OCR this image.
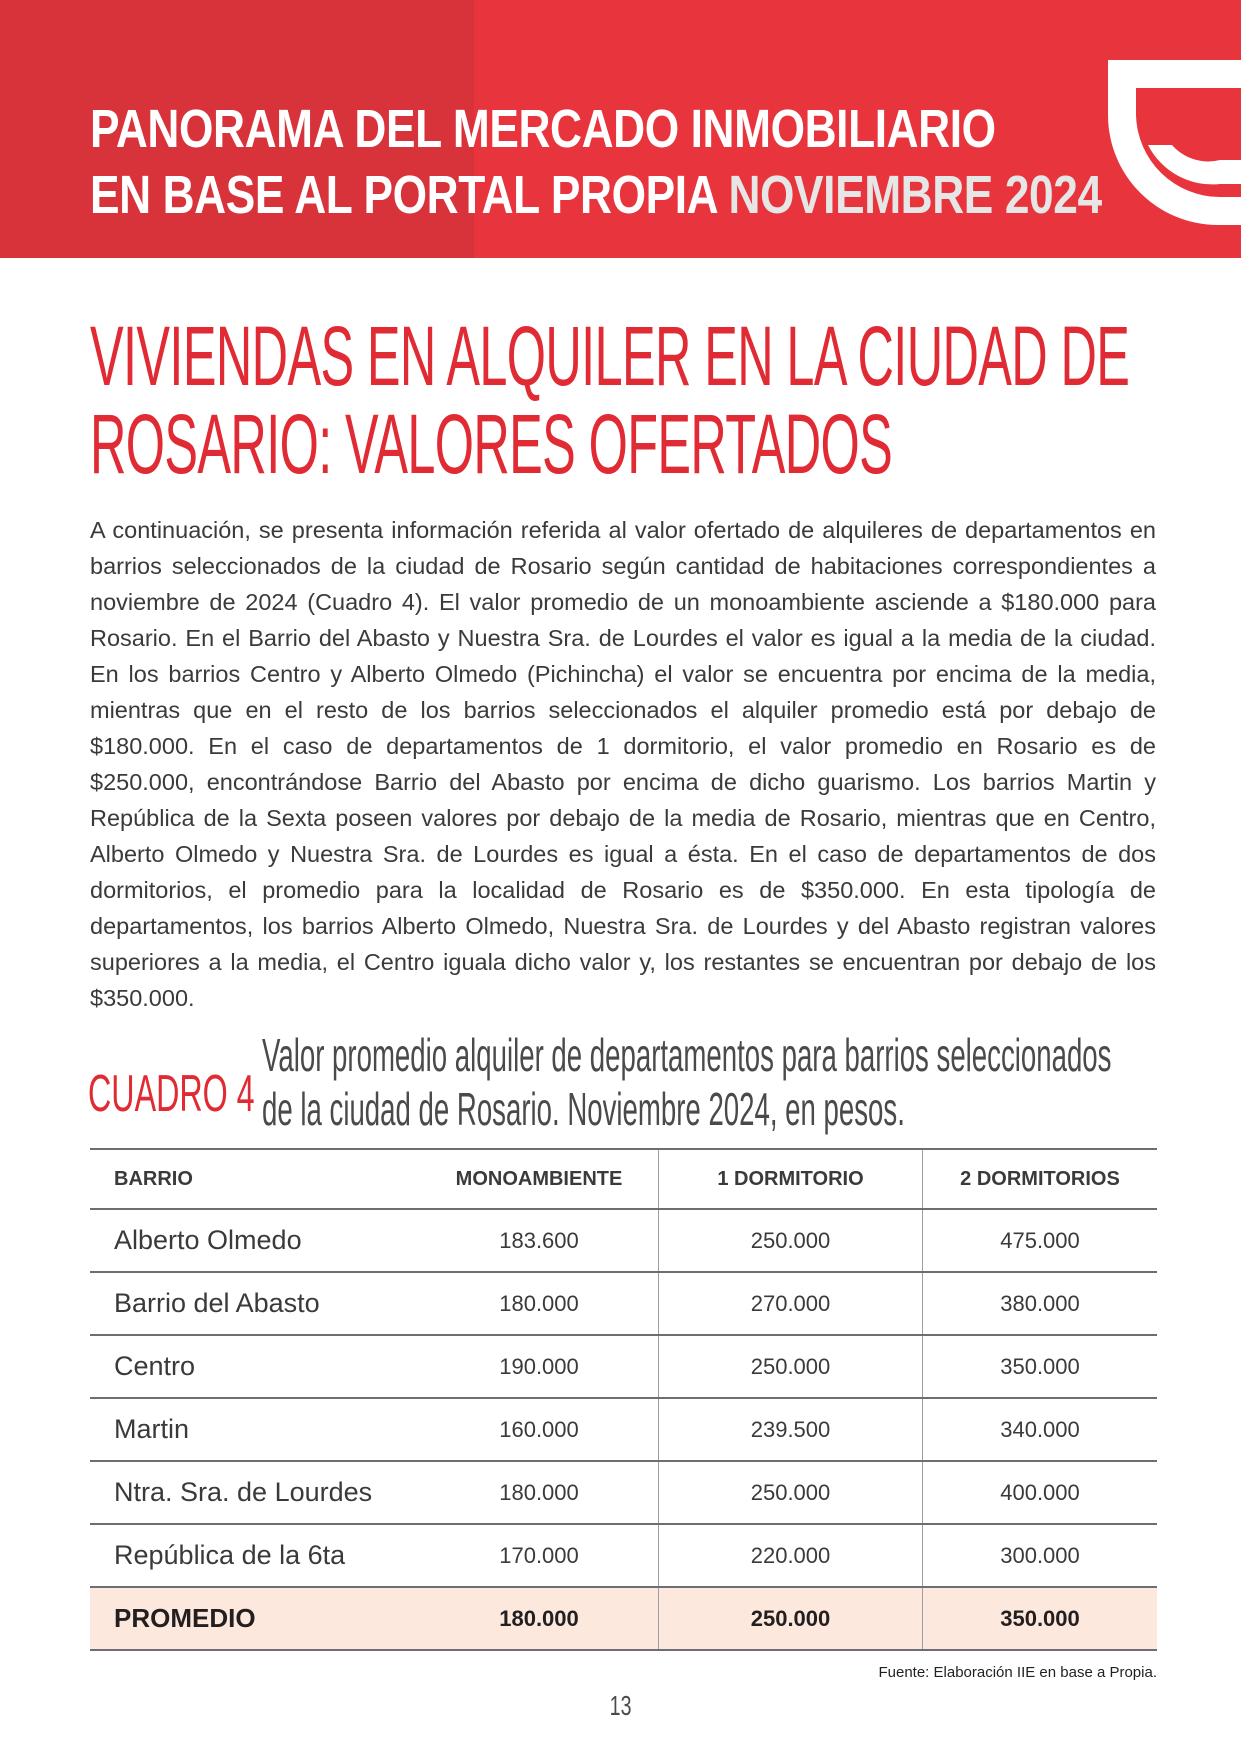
PANORAMA DEL MERCADO INMOBILIARIO
EN BASE AL PORTAL PROPIA NOVIEMBRE 2024
VIVIENDAS EN ALQUILER EN LA CIUDAD DE
ROSARIO: VALORES OFERTADOS

A continuación, se presenta información referida al valor ofertado de alquileres de departamentos en barrios seleccionados de la ciudad de Rosario según cantidad de habitaciones correspondientes a noviembre de 2024 (Cuadro 4). El valor promedio de un monoambiente asciende a $180.000 para Rosario. En el Barrio del Abasto y Nuestra Sra. de Lourdes el valor es igual a la media de la ciudad. En los barrios Centro y Alberto Olmedo (Pichincha) el valor se encuentra por encima de la media, mientras que en el resto de los barrios seleccionados el alquiler promedio está por debajo de $180.000. En el caso de departamentos de 1 dormitorio, el valor promedio en Rosario es de $250.000, encontrándose Barrio del Abasto por encima de dicho guarismo. Los barrios Martin y República de la Sexta poseen valores por debajo de la media de Rosario, mientras que en Centro, Alberto Olmedo y Nuestra Sra. de Lourdes es igual a ésta. En el caso de departamentos de dos dormitorios, el promedio para la localidad de Rosario es de $350.000. En esta tipología de departamentos, los barrios Alberto Olmedo, Nuestra Sra. de Lourdes y del Abasto registran valores superiores a la media, el Centro iguala dicho valor y, los restantes se encuentran por debajo de los $350.000.

CUADRO 4
Valor promedio alquiler de departamentos para barrios seleccionados
de la ciudad de Rosario. Noviembre 2024, en pesos.
BARRIO	MONOAMBIENTE	1 DORMITORIO	2 DORMITORIOS
Alberto Olmedo	183.600	250.000	475.000
Barrio del Abasto	180.000	270.000	380.000
Centro	190.000	250.000	350.000
Martin	160.000	239.500	340.000
Ntra. Sra. de Lourdes	180.000	250.000	400.000
República de la 6ta	170.000	220.000	300.000
PROMEDIO	180.000	250.000	350.000

Fuente: Elaboración IIE en base a Propia.

13
